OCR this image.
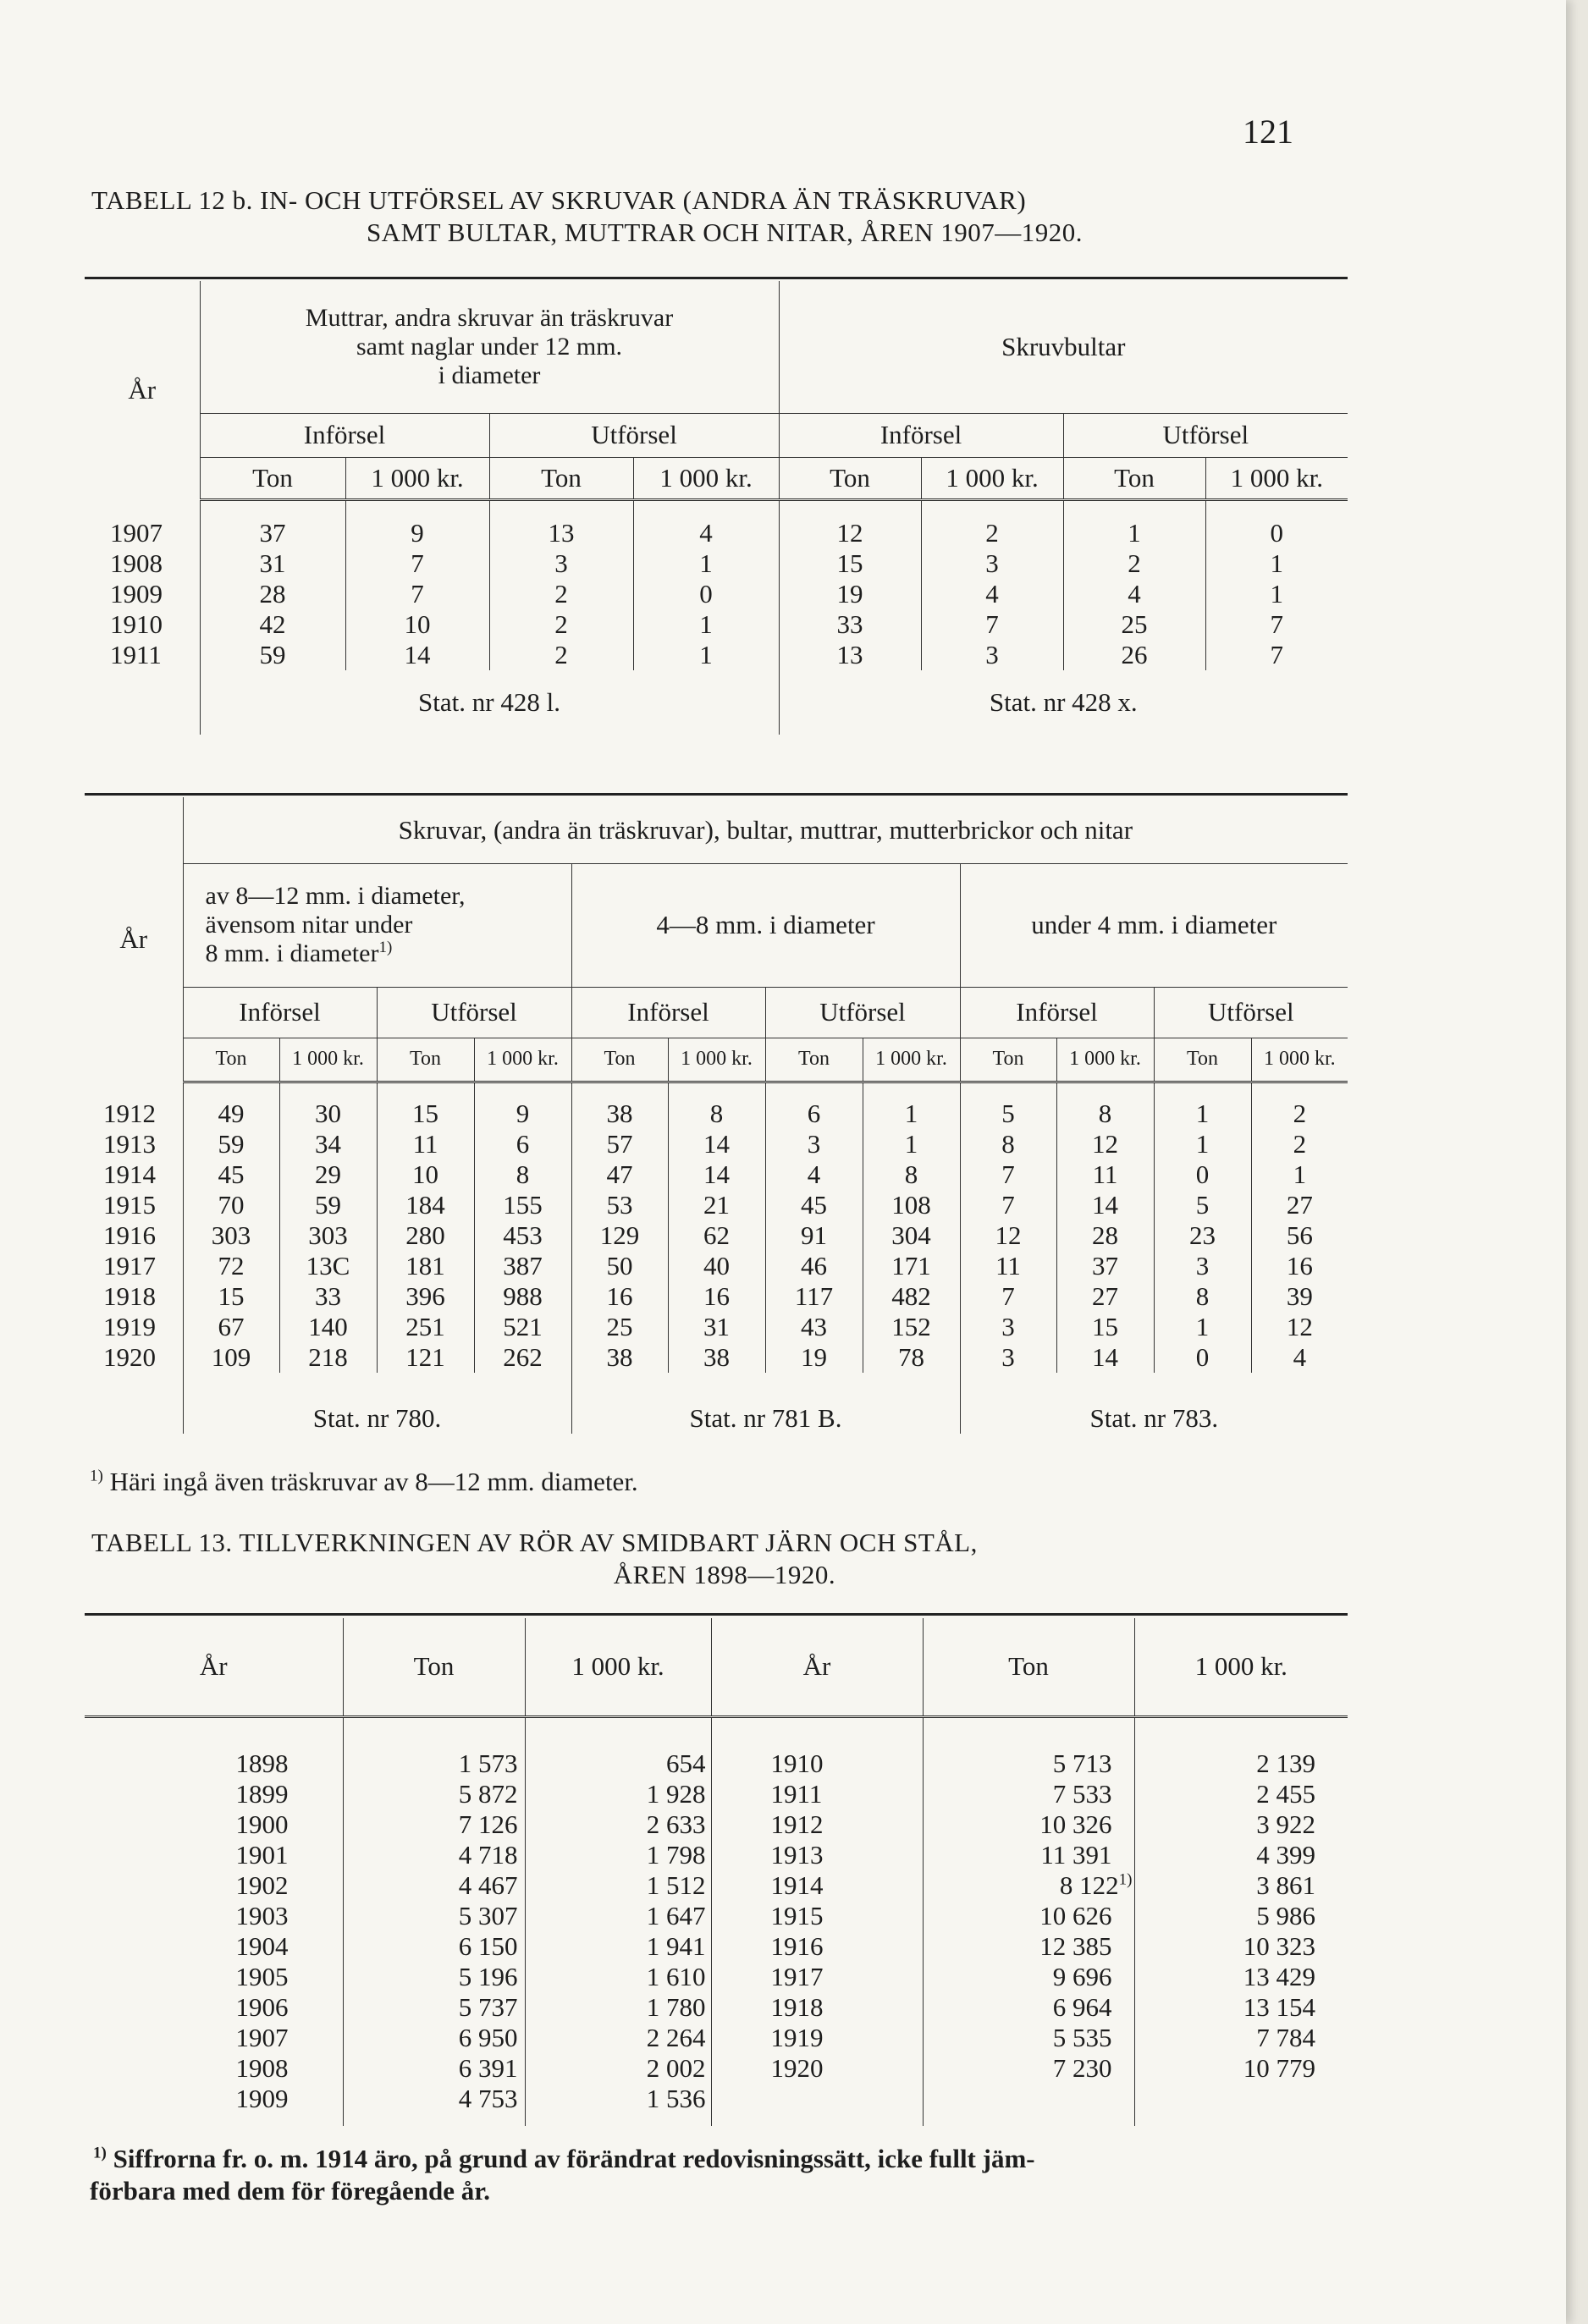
121
TABELL 12 b. IN- OCH UTFÖRSEL AV SKRUVAR (ANDRA ÄN TRÄSKRUVAR)
SAMT BULTAR, MUTTRAR OCH NITAR, ÅREN 1907—1920.
År	Muttrar, andra skruvar än träskruvar
samt naglar under 12 mm.
i diameter				Skruvbultar			
	Införsel		Utförsel		Införsel		Utförsel	
	Ton	1 000 kr.	Ton	1 000 kr.	Ton	1 000 kr.	Ton	1 000 kr.

1907	37	9	13	4	12	2	1	0
1908	31	7	3	1	15	3	2	1
1909	28	7	2	0	19	4	4	1
1910	42	10	2	1	33	7	25	7
1911	59	14	2	1	13	3	26	7
	Stat. nr 428 l.				Stat. nr 428 x.			
År	Skruvar, (andra än träskruvar), bultar, muttrar, mutterbrickor och nitar											
	av 8—12 mm. i diameter,
ävensom nitar under
8 mm. i diameter$^{1)}$				4—8 mm. i diameter				under 4 mm. i diameter			
	Införsel		Utförsel		Införsel		Utförsel		Införsel		Utförsel	
	Ton	1 000 kr.	Ton	1 000 kr.	Ton	1 000 kr.	Ton	1 000 kr.	Ton	1 000 kr.	Ton	1 000 kr.

1912	49	30	15	9	38	8	6	1	5	8	1	2
1913	59	34	11	6	57	14	3	1	8	12	1	2
1914	45	29	10	8	47	14	4	8	7	11	0	1
1915	70	59	184	155	53	21	45	108	7	14	5	27
1916	303	303	280	453	129	62	91	304	12	28	23	56
1917	72	13C	181	387	50	40	46	171	11	37	3	16
1918	15	33	396	988	16	16	117	482	7	27	8	39
1919	67	140	251	521	25	31	43	152	3	15	1	12
1920	109	218	121	262	38	38	19	78	3	14	0	4
	Stat. nr 780.				Stat. nr 781 B.				Stat. nr 783.			
$^{1)}$ Häri ingå även träskruvar av 8—12 mm. diameter.
TABELL 13. TILLVERKNINGEN AV RÖR AV SMIDBART JÄRN OCH STÅL,
ÅREN 1898—1920.
År	Ton	1 000 kr.	År	Ton	1 000 kr.

1898	1 573	654	1910	5 713	2 139
1899	5 872	1 928	1911	7 533	2 455
1900	7 126	2 633	1912	10 326	3 922
1901	4 718	1 798	1913	11 391	4 399
1902	4 467	1 512	1914	8 122$^{1)}$	3 861
1903	5 307	1 647	1915	10 626	5 986
1904	6 150	1 941	1916	12 385	10 323
1905	5 196	1 610	1917	9 696	13 429
1906	5 737	1 780	1918	6 964	13 154
1907	6 950	2 264	1919	5 535	7 784
1908	6 391	2 002	1920	7 230	10 779
1909	4 753	1 536			

$^{1)}$ Siffrorna fr. o. m. 1914 äro, på grund av förändrat redovisningssätt, icke fullt jäm-
förbara med dem för föregående år.
